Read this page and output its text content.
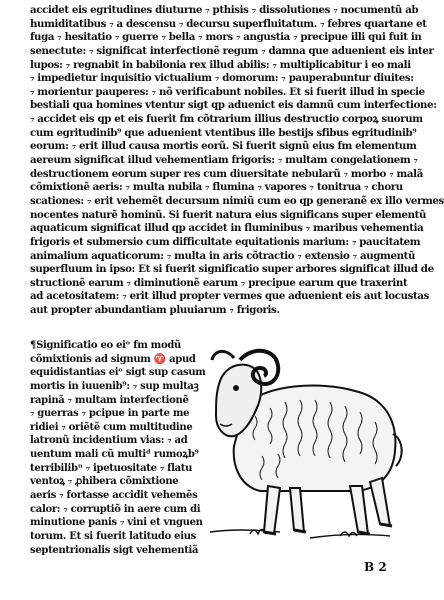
accidet eis egritudines diuturne ₇ pthisis ₇ dissolutiones ₇ nocumentũ ab
humiditatibus ₇ a descensu ₇ decursu superfluitatum. ₇ febres quartane et
fuga ₇ hesitatio ₇ guerre ₇ bella ₇ mors ₇ angustia ₇ precipue illi qui fuit in
senectute: ₇ significat interfectionẽ regum ₇ damna que aduenient eis inter
lupos: ₇ regnabit in babilonia rex illud abilis: ₇ multiplicabitur i eo mali
₇ impedietur inquisitio victualium ₇ domorum: ₇ pauperabuntur diuites:
₇ morientur pauperes: ₇ nõ verificabunt nobiles. Et si fuerit illud in specie
bestiali qua homines vtentur sigt qp aduenict eis damnũ cum interfectione:
₇ accidet eis qp et eis fuerit fm cõtrarium illius destructio corpoꝝ suorum
cum egritudinib⁹ que aduenient vtentibus ille bestijs sfibus egritudinib⁹
eorum: ₇ erit illud causa mortis eorũ. Si fuerit signũ eius fm elementum
aereum significat illud vehementiam frigoris: ₇ multam congelationem ₇
destructionem eorum super res cum diuersitate nebularũ ₇ morbo ₇ malã
cõmixtionẽ aeris: ₇ multa nubila ₇ flumina ₇ vapores ₇ tonitrua ₇ choru
scationes: ₇ erit vehemẽt decursum nimiũ cum eo qp generanẽ ex illo vermes
nocentes naturẽ hominũ. Si fuerit natura eius significans super elementũ
aquaticum significat illud qp accidet in fluminibus ₇ maribus vehementia
frigoris et submersio cum difficultate equitationis marium: ₇ paucitatem
animalium aquaticorum: ₇ multa in aris cõtractio ₇ extensio ₇ augmentũ
superfluum in ipso: Et si fuerit significatio super arbores significat illud de
structionẽ earum ₇ diminutionẽ earum ₇ precipue earum que traxerint
ad acetositatem: ₇ erit illud propter vermes que aduenient eis aut locustas
aut propter abundantiam pluuiarum ₇ frigoris.
¶Significatio eo eiᵒ fm modũ
cõmixtionis ad signum ♈ apud
equidistantias eiᵒ sigt sup casum
mortis in iuuenib⁹: ₇ sup multaꝫ
rapinã ₇ multam interfectionẽ
₇ guerras ₇ pcipue in parte me
ridiei ₇ oriẽtẽ cum multitudine
latronũ incidentium vias: ₇ ad
uentum mali cũ multiᵈ rumoꝝb⁹
terribilibᵘ ₇ ipetuositate ₇ flatu
ventoꝝ ₇ ꝓhibera cõmixtione
aeris ₇ fortasse accidit vehemẽs
calor: ₇ corruptiõ in aere cum di
minutione panis ₇ vini et vnguen
torum. Et si fuerit latitudo eius
septentrionalis sigt vehementiã
B 2
